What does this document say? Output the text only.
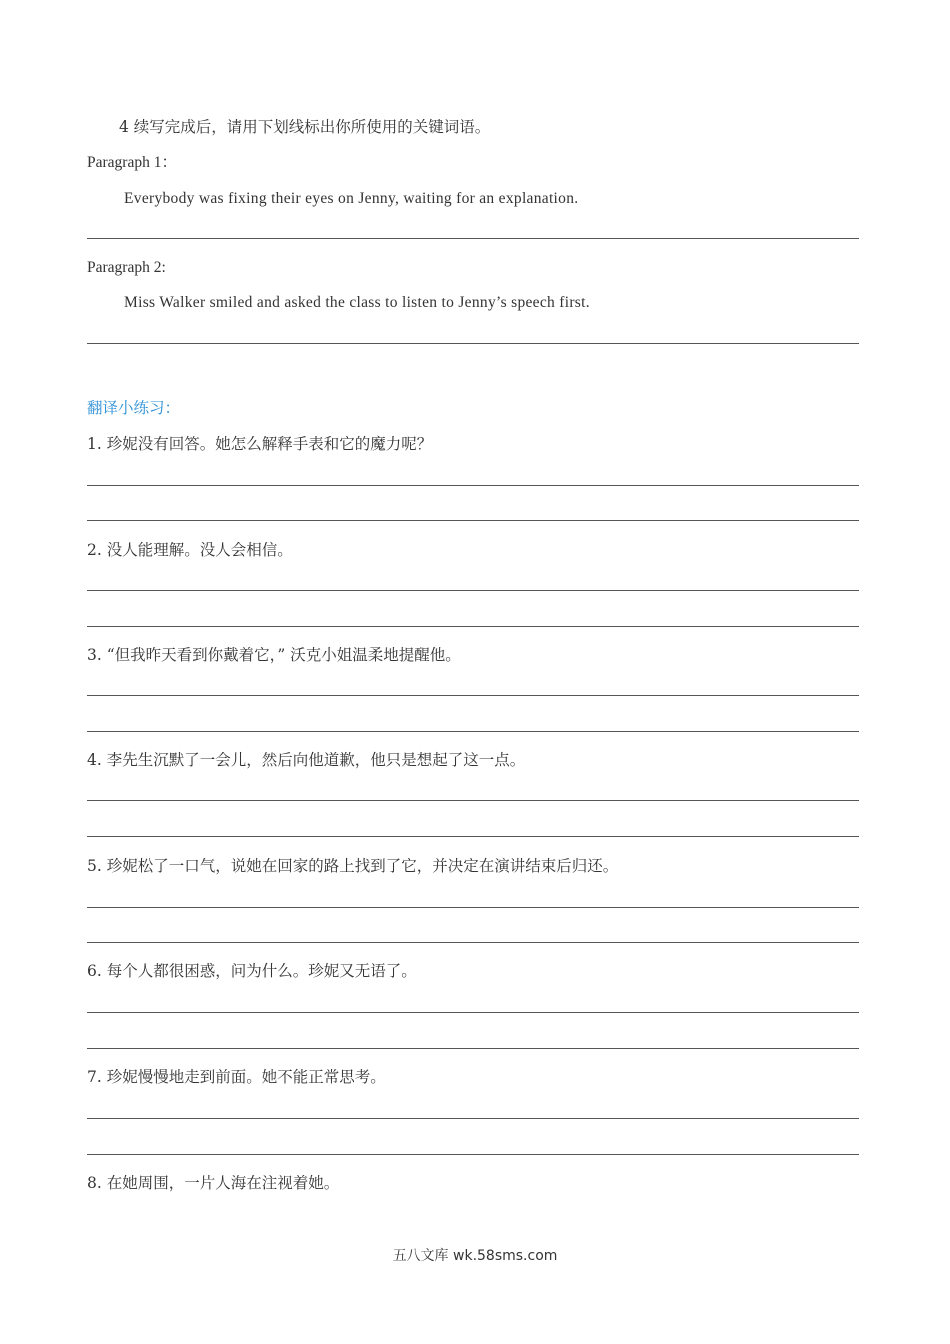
4 续写完成后，请用下划线标出你所使用的关键词语。
Paragraph 1：
Everybody was fixing their eyes on Jenny, waiting for an explanation.
Paragraph 2:
Miss Walker smiled and asked the class to listen to Jenny’s speech first.
翻译小练习：
1. 珍妮没有回答。她怎么解释手表和它的魔力呢？
2. 没人能理解。没人会相信。
3. “但我昨天看到你戴着它，” 沃克小姐温柔地提醒他。
4. 李先生沉默了一会儿，然后向他道歉，他只是想起了这一点。
5. 珍妮松了一口气，说她在回家的路上找到了它，并决定在演讲结束后归还。
6. 每个人都很困惑，问为什么。珍妮又无语了。
7. 珍妮慢慢地走到前面。她不能正常思考。
8. 在她周围，一片人海在注视着她。
五八文库 wk.58sms.com
